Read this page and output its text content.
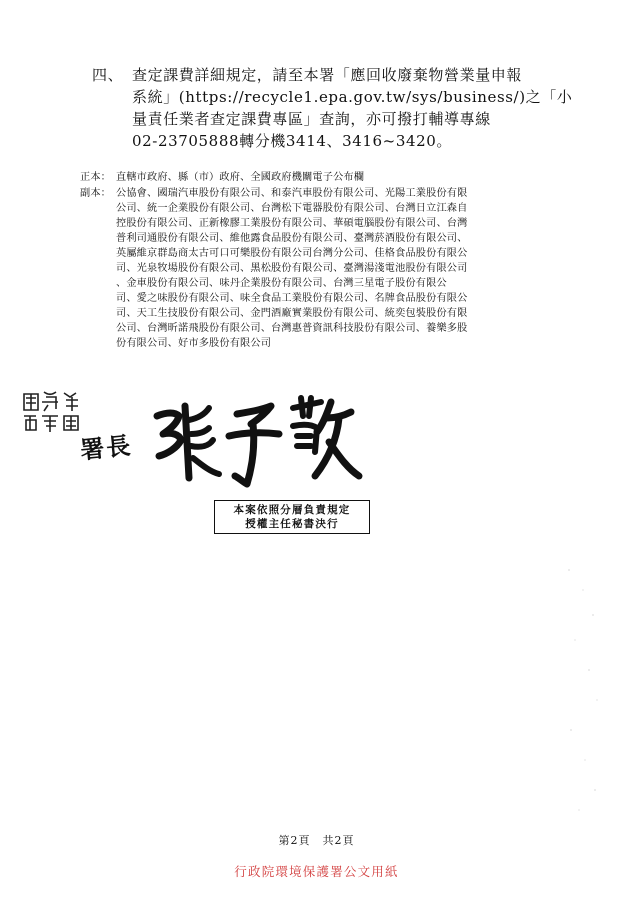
四、 查定課費詳細規定，請至本署「應回收廢棄物營業量申報
系統」(https://recycle1.epa.gov.tw/sys/business/)之「小
量責任業者查定課費專區」查詢，亦可撥打輔導專線
02-23705888轉分機3414、3416~3420。
正本： 直轄市政府、縣（市）政府、全國政府機關電子公布欄
副本： 公協會、國瑞汽車股份有限公司、和泰汽車股份有限公司、光陽工業股份有限
公司、統一企業股份有限公司、台灣松下電器股份有限公司、台灣日立江森自
控股份有限公司、正新橡膠工業股份有限公司、華碩電腦股份有限公司、台灣
普利司通股份有限公司、維他露食品股份有限公司、臺灣菸酒股份有限公司、
英屬維京群島商太古可口可樂股份有限公司台灣分公司、佳格食品股份有限公
司、光泉牧場股份有限公司、黑松股份有限公司、臺灣湯淺電池股份有限公司
、金車股份有限公司、味丹企業股份有限公司、台灣三星電子股份有限公
司、愛之味股份有限公司、味全食品工業股份有限公司、名牌食品股份有限公
司、天工生技股份有限公司、金門酒廠實業股份有限公司、統奕包裝股份有限
公司、台灣昕諾飛股份有限公司、台灣惠普資訊科技股份有限公司、養樂多股
份有限公司、好市多股份有限公司
署長
本案依照分層負責規定
授權主任秘書決行
第2頁　共2頁
行政院環境保護署公文用紙
